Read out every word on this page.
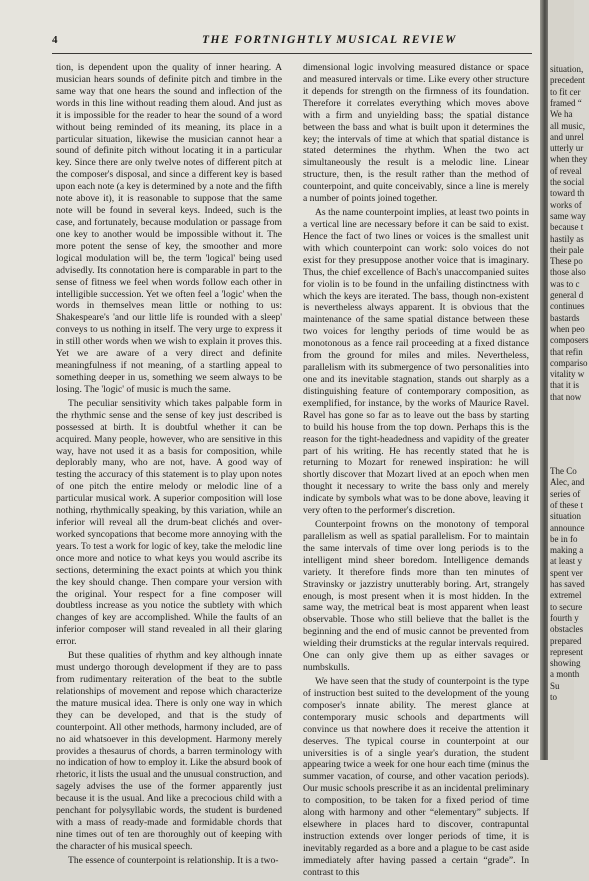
4	THE FORTNIGHTLY MUSICAL REVIEW

tion, is dependent upon the quality of inner hearing. A musician hears sounds of definite pitch and timbre in the same way that one hears the sound and inflection of the words in this line without reading them aloud. And just as it is impossible for the reader to hear the sound of a word without being reminded of its meaning, its place in a particular situation, likewise the musician cannot hear a sound of definite pitch without locating it in a particular key. Since there are only twelve notes of different pitch at the composer's disposal, and since a different key is based upon each note (a key is determined by a note and the fifth note above it), it is reasonable to suppose that the same note will be found in several keys. Indeed, such is the case, and fortunately, because modulation or passage from one key to another would be impossible without it. The more potent the sense of key, the smoother and more logical modulation will be, the term 'logical' being used advisedly. Its connotation here is comparable in part to the sense of fitness we feel when words follow each other in intelligible succession. Yet we often feel a 'logic' when the words in themselves mean little or nothing to us: Shakespeare's 'and our little life is rounded with a sleep' conveys to us nothing in itself. The very urge to express it in still other words when we wish to explain it proves this. Yet we are aware of a very direct and definite meaningfulness if not meaning, of a startling appeal to something deeper in us, something we seem always to be losing. The 'logic' of music is much the same.

The peculiar sensitivity which takes palpable form in the rhythmic sense and the sense of key just described is possessed at birth. It is doubtful whether it can be acquired. Many people, however, who are sensitive in this way, have not used it as a basis for composition, while deplorably many, who are not, have. A good way of testing the accuracy of this statement is to play upon notes of one pitch the entire melody or melodic line of a particular musical work. A superior composition will lose nothing, rhythmically speaking, by this variation, while an inferior will reveal all the drum-beat clichés and over-worked syncopations that become more annoying with the years. To test a work for logic of key, take the melodic line once more and notice to what keys you would ascribe its sections, determining the exact points at which you think the key should change. Then compare your version with the original. Your respect for a fine composer will doubtless increase as you notice the subtlety with which changes of key are accomplished. While the faults of an inferior composer will stand revealed in all their glaring error.

But these qualities of rhythm and key although innate must undergo thorough development if they are to pass from rudimentary reiteration of the beat to the subtle relationships of movement and repose which characterize the mature musical idea. There is only one way in which they can be developed, and that is the study of counterpoint. All other methods, harmony included, are of no aid whatsoever in this development. Harmony merely provides a thesaurus of chords, a barren terminology with no indication of how to employ it. Like the absurd book of rhetoric, it lists the usual and the unusual construction, and sagely advises the use of the former apparently just because it is the usual. And like a precocious child with a penchant for polysyllabic words, the student is burdened with a mass of ready-made and formidable chords that nine times out of ten are thoroughly out of keeping with the character of his musical speech.

The essence of counterpoint is relationship. It is a two-

dimensional logic involving measured distance or space and measured intervals or time. Like every other structure it depends for strength on the firmness of its foundation. Therefore it correlates everything which moves above with a firm and unyielding bass; the spatial distance between the bass and what is built upon it determines the key; the intervals of time at which that spatial distance is stated determines the rhythm. When the two act simultaneously the result is a melodic line. Linear structure, then, is the result rather than the method of counterpoint, and quite conceivably, since a line is merely a number of points joined together.

As the name counterpoint implies, at least two points in a vertical line are necessary before it can be said to exist. Hence the fact of two lines or voices is the smallest unit with which counterpoint can work: solo voices do not exist for they presuppose another voice that is imaginary. Thus, the chief excellence of Bach's unaccompanied suites for violin is to be found in the unfailing distinctness with which the keys are iterated. The bass, though non-existent is nevertheless always apparent. It is obvious that the maintenance of the same spatial distance between these two voices for lengthy periods of time would be as monotonous as a fence rail proceeding at a fixed distance from the ground for miles and miles. Nevertheless, parallelism with its submergence of two personalities into one and its inevitable stagnation, stands out sharply as a distinguishing feature of contemporary composition, as exemplified, for instance, by the works of Maurice Ravel. Ravel has gone so far as to leave out the bass by starting to build his house from the top down. Perhaps this is the reason for the tight-headedness and vapidity of the greater part of his writing. He has recently stated that he is returning to Mozart for renewed inspiration: he will shortly discover that Mozart lived at an epoch when men thought it necessary to write the bass only and merely indicate by symbols what was to be done above, leaving it very often to the performer's discretion.

Counterpoint frowns on the monotony of temporal parallelism as well as spatial parallelism. For to maintain the same intervals of time over long periods is to the intelligent mind sheer boredom. Intelligence demands variety. It therefore finds more than ten minutes of Stravinsky or jazzistry unutterably boring. Art, strangely enough, is most present when it is most hidden. In the same way, the metrical beat is most apparent when least observable. Those who still believe that the ballet is the beginning and the end of music cannot be prevented from wielding their drumsticks at the regular intervals required. One can only give them up as either savages or numbskulls.

We have seen that the study of counterpoint is the type of instruction best suited to the development of the young composer's innate ability. The merest glance at contemporary music schools and departments will convince us that nowhere does it receive the attention it deserves. The typical course in counterpoint at our universities is of a single year's duration, the student appearing twice a week for one hour each time (minus the summer vacation, of course, and other vacation periods). Our music schools prescribe it as an incidental preliminary to composition, to be taken for a fixed period of time along with harmony and other “elementary” subjects. If elsewhere in places hard to discover, contrapuntal instruction extends over longer periods of time, it is inevitably regarded as a bore and a plague to be cast aside immediately after having passed a certain “grade”. In contrast to this

situation,
precedent
to fit cer
framed “
We ha
all music,
and unrel
utterly ur
when they
of reveal
the social
toward th
works of
same way
because t
hastily as
their pale
These po
those also
was to c
general d
continues
bastards
when peo
composers
that refin
compariso
vitality w
that it is
that now
The Co
Alec, and
series of
of these t
situation
announce
be in fo
making a
at least y
spent ver
has saved
extremel
to secure
fourth y
obstacles
prepared
represent
showing
a month
Su
to
